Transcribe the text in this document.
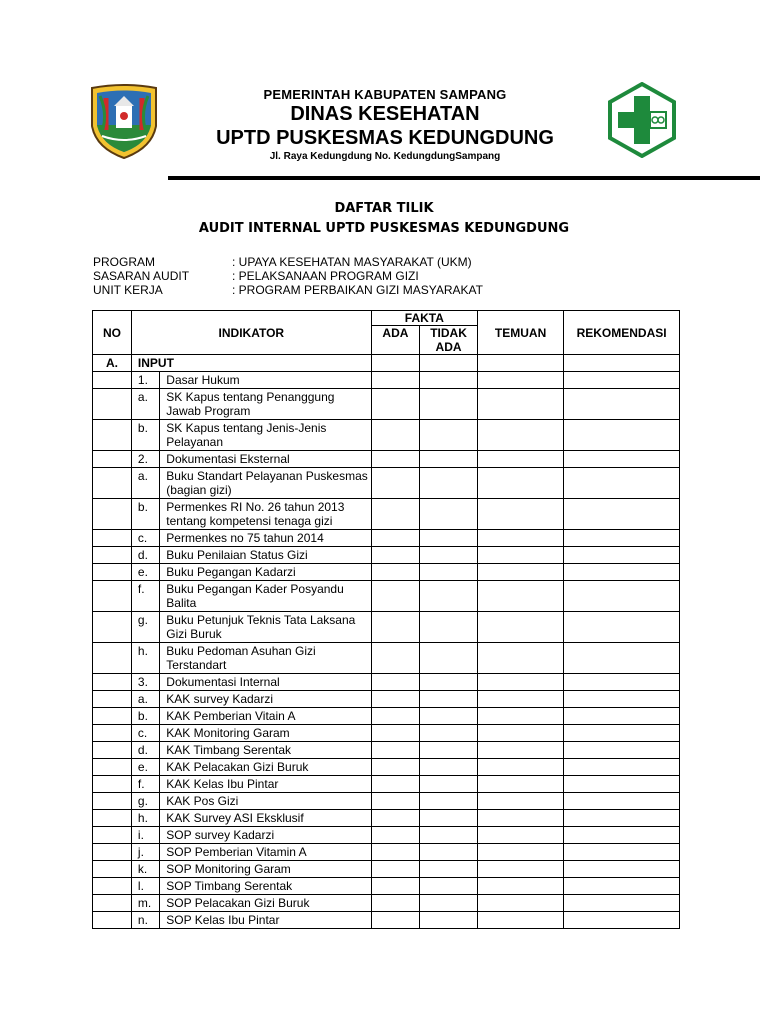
PEMERINTAH KABUPATEN SAMPANG
DINAS KESEHATAN
UPTD PUSKESMAS KEDUNGDUNG
Jl. Raya Kedungdung No. KedungdungSampang
DAFTAR TILIK
AUDIT INTERNAL UPTD PUSKESMAS KEDUNGDUNG
PROGRAM	: UPAYA KESEHATAN MASYARAKAT (UKM)
SASARAN AUDIT	: PELAKSANAAN PROGRAM GIZI
UNIT KERJA	: PROGRAM PERBAIKAN GIZI MASYARAKAT
NO	INDIKATOR		FAKTA		TEMUAN	REKOMENDASI
			ADA	TIDAK ADA		
A.	INPUT					
	1.	Dasar Hukum				
	a.	SK Kapus tentang Penanggung Jawab Program				
	b.	SK Kapus tentang Jenis-Jenis Pelayanan				
	2.	Dokumentasi Eksternal				
	a.	Buku Standart Pelayanan Puskesmas (bagian gizi)				
	b.	Permenkes RI No. 26 tahun 2013 tentang kompetensi tenaga gizi				
	c.	Permenkes no 75 tahun 2014				
	d.	Buku Penilaian Status Gizi				
	e.	Buku Pegangan Kadarzi				
	f.	Buku Pegangan Kader Posyandu Balita				
	g.	Buku Petunjuk Teknis Tata Laksana Gizi Buruk				
	h.	Buku Pedoman Asuhan Gizi Terstandart				
	3.	Dokumentasi Internal				
	a.	KAK survey Kadarzi				
	b.	KAK Pemberian Vitain A				
	c.	KAK Monitoring Garam				
	d.	KAK Timbang Serentak				
	e.	KAK Pelacakan Gizi Buruk				
	f.	KAK Kelas Ibu Pintar				
	g.	KAK Pos Gizi				
	h.	KAK Survey ASI Eksklusif				
	i.	SOP survey Kadarzi				
	j.	SOP Pemberian Vitamin A				
	k.	SOP Monitoring Garam				
	l.	SOP Timbang Serentak				
	m.	SOP Pelacakan Gizi Buruk				
	n.	SOP Kelas Ibu Pintar				
